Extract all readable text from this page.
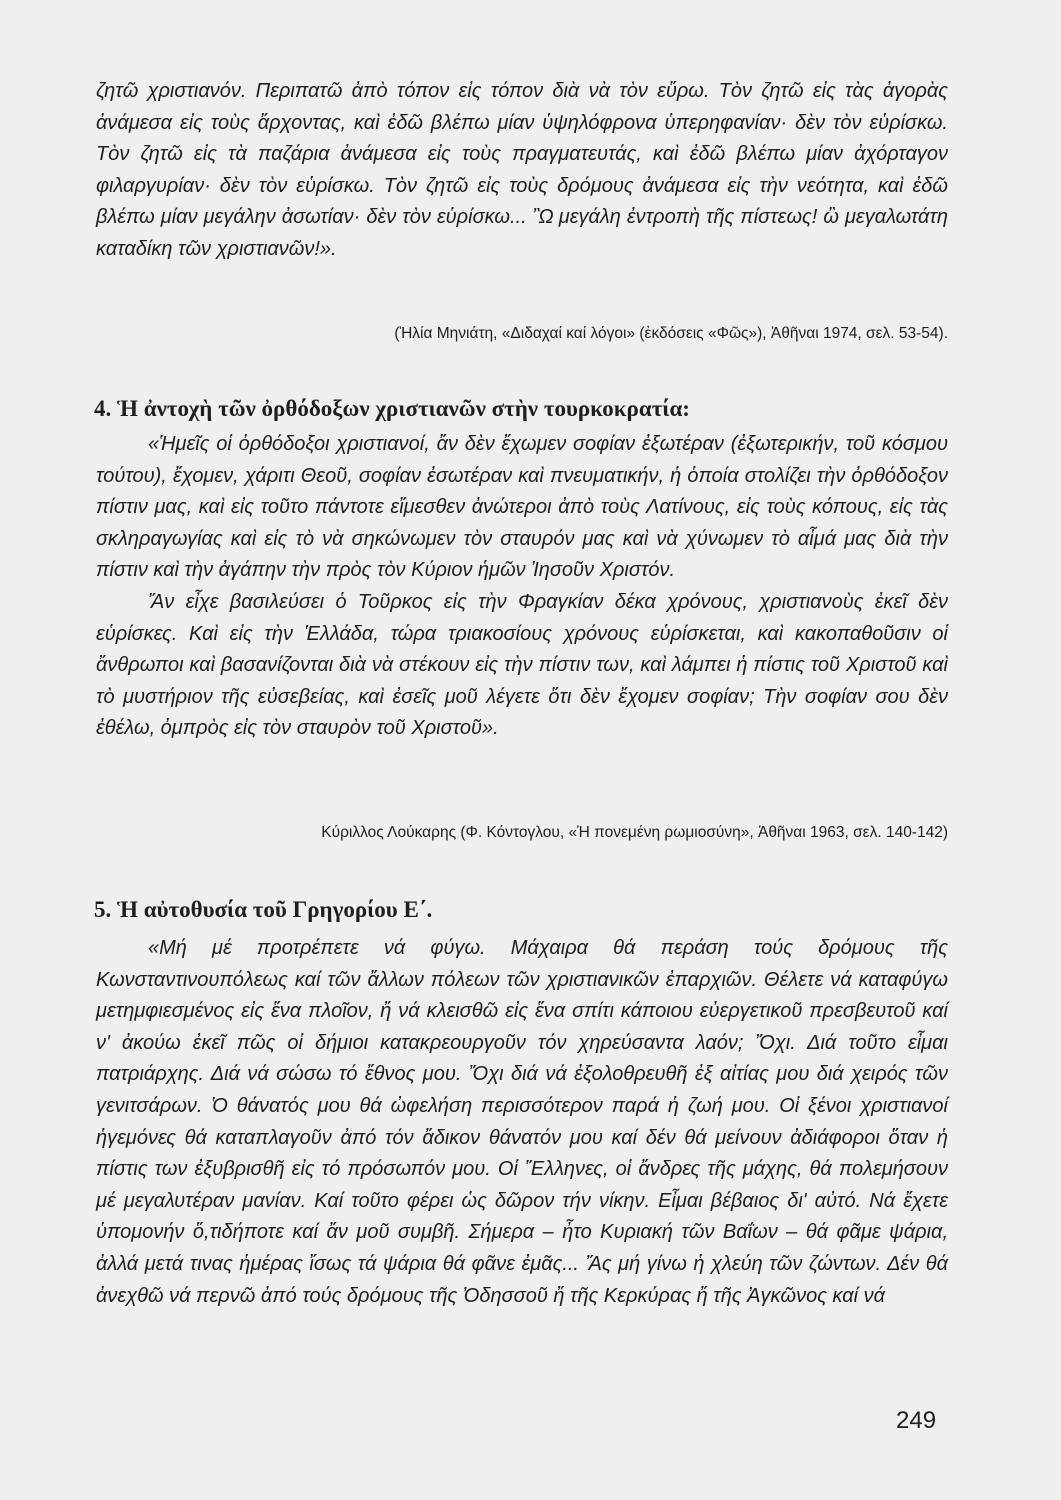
ζητῶ χριστιανόν. Περιπατῶ ἀπὸ τόπον εἰς τόπον διὰ νὰ τὸν εὕρω. Τὸν ζητῶ εἰς τὰς ἀγορὰς ἀνάμεσα εἰς τοὺς ἄρχοντας, καὶ ἐδῶ βλέπω μίαν ὑψηλόφρονα ὑπερηφανίαν· δὲν τὸν εὑρίσκω. Τὸν ζητῶ εἰς τὰ παζάρια ἀνάμεσα εἰς τοὺς πραγματευτάς, καὶ ἐδῶ βλέπω μίαν ἀχόρταγον φιλαργυρίαν· δὲν τὸν εὑρίσκω. Τὸν ζητῶ εἰς τοὺς δρόμους ἀνάμεσα εἰς τὴν νεότητα, καὶ ἐδῶ βλέπω μίαν μεγάλην ἀσωτίαν· δὲν τὸν εὑρίσκω... Ὢ μεγάλη ἐντροπὴ τῆς πίστεως! ὢ μεγαλωτάτη καταδίκη τῶν χριστιανῶν!».

(Ἡλία Μηνιάτη, «Διδαχαί καί λόγοι» (ἐκδόσεις «Φῶς»), Ἀθῆναι 1974, σελ. 53-54).

4. Ἡ ἀντοχὴ τῶν ὀρθόδοξων χριστιανῶν στὴν τουρκοκρατία:

«Ἡμεῖς οἱ ὀρθόδοξοι χριστιανοί, ἄν δὲν ἔχωμεν σοφίαν ἐξωτέραν (ἐξωτερικήν, τοῦ κόσμου τούτου), ἔχομεν, χάριτι Θεοῦ, σοφίαν ἐσωτέραν καὶ πνευματικήν, ἡ ὁποία στολίζει τὴν ὀρθόδοξον πίστιν μας, καὶ εἰς τοῦτο πάντοτε εἴμεσθεν ἀνώτεροι ἀπὸ τοὺς Λατίνους, εἰς τοὺς κόπους, εἰς τὰς σκληραγωγίας καὶ εἰς τὸ νὰ σηκώνωμεν τὸν σταυρόν μας καὶ νὰ χύνωμεν τὸ αἷμά μας διὰ τὴν πίστιν καὶ τὴν ἀγάπην τὴν πρὸς τὸν Κύριον ἡμῶν Ἰησοῦν Χριστόν.

Ἄν εἶχε βασιλεύσει ὁ Τοῦρκος εἰς τὴν Φραγκίαν δέκα χρόνους, χριστιανοὺς ἐκεῖ δὲν εὑρίσκες. Καὶ εἰς τὴν Ἑλλάδα, τώρα τριακοσίους χρόνους εὑρίσκεται, καὶ κακοπαθοῦσιν οἱ ἄνθρωποι καὶ βασανίζονται διὰ νὰ στέκουν εἰς τὴν πίστιν των, καὶ λάμπει ἡ πίστις τοῦ Χριστοῦ καὶ τὸ μυστήριον τῆς εὐσεβείας, καὶ ἐσεῖς μοῦ λέγετε ὅτι δὲν ἔχομεν σοφίαν; Τὴν σοφίαν σου δὲν ἐθέλω, ὀμπρὸς εἰς τὸν σταυρὸν τοῦ Χριστοῦ».

Κύριλλος Λούκαρης (Φ. Κόντογλου, «Ἡ πονεμένη ρωμιοσύνη», Ἀθῆναι 1963, σελ. 140-142)

5. Ἡ αὐτοθυσία τοῦ Γρηγορίου Ε΄.

«Μή μέ προτρέπετε νά φύγω. Μάχαιρα θά περάση τούς δρόμους τῆς Κωνσταντινουπόλεως καί τῶν ἄλλων πόλεων τῶν χριστιανικῶν ἐπαρχιῶν. Θέλετε νά καταφύγω μετημφιεσμένος εἰς ἕνα πλοῖον, ἤ νά κλεισθῶ εἰς ἕνα σπίτι κάποιου εὐεργετικοῦ πρεσβευτοῦ καί ν' ἀκούω ἐκεῖ πῶς οἱ δήμιοι κατακρεουργοῦν τόν χηρεύσαντα λαόν; Ὄχι. Διά τοῦτο εἶμαι πατριάρχης. Διά νά σώσω τό ἔθνος μου. Ὄχι διά νά ἐξολοθρευθῆ ἐξ αἰτίας μου διά χειρός τῶν γενιτσάρων. Ὁ θάνατός μου θά ὠφελήση περισσότερον παρά ἡ ζωή μου. Οἱ ξένοι χριστιανοί ἡγεμόνες θά καταπλαγοῦν ἀπό τόν ἄδικον θάνατόν μου καί δέν θά μείνουν ἀδιάφοροι ὅταν ἡ πίστις των ἐξυβρισθῆ εἰς τό πρόσωπόν μου. Οἱ Ἕλληνες, οἱ ἄνδρες τῆς μάχης, θά πολεμήσουν μέ μεγαλυτέραν μανίαν. Καί τοῦτο φέρει ὡς δῶρον τήν νίκην. Εἶμαι βέβαιος δι' αὐτό. Νά ἔχετε ὑπομονήν ὅ,τιδήποτε καί ἄν μοῦ συμβῆ. Σήμερα – ἦτο Κυριακή τῶν Βαΐων – θά φᾶμε ψάρια, ἀλλά μετά τινας ἡμέρας ἴσως τά ψάρια θά φᾶνε ἐμᾶς... Ἄς μή γίνω ἡ χλεύη τῶν ζώντων. Δέν θά ἀνεχθῶ νά περνῶ ἀπό τούς δρόμους τῆς Ὀδησσοῦ ἤ τῆς Κερκύρας ἤ τῆς Ἀγκῶνος καί νά

249
